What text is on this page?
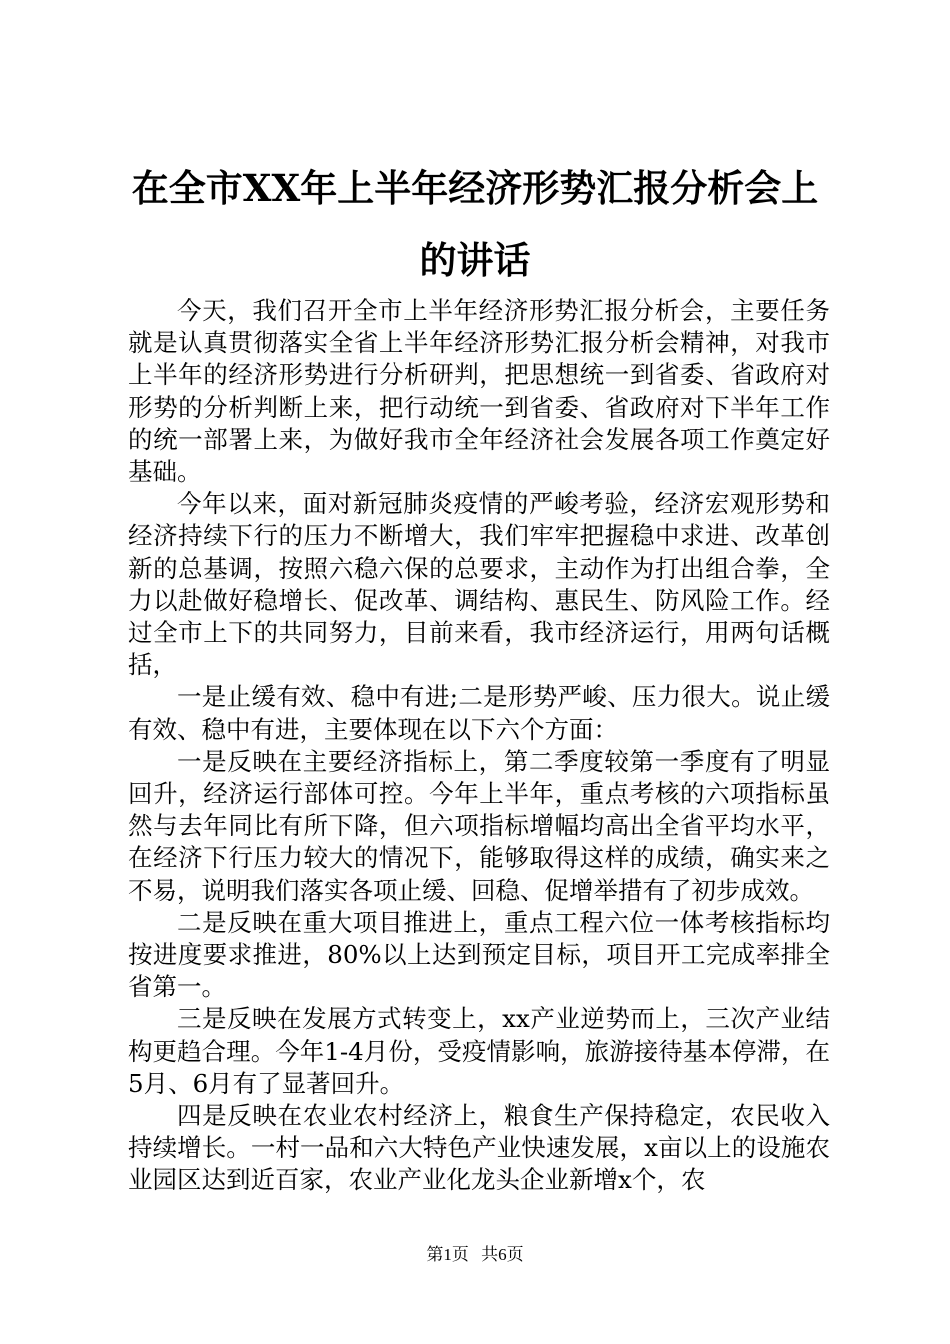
在全市XX年上半年经济形势汇报分析会上的讲话

今天，我们召开全市上半年经济形势汇报分析会，主要任务就是认真贯彻落实全省上半年经济形势汇报分析会精神，对我市上半年的经济形势进行分析研判，把思想统一到省委、省政府对形势的分析判断上来，把行动统一到省委、省政府对下半年工作的统一部署上来，为做好我市全年经济社会发展各项工作奠定好基础。

今年以来，面对新冠肺炎疫情的严峻考验，经济宏观形势和经济持续下行的压力不断增大，我们牢牢把握稳中求进、改革创新的总基调，按照六稳六保的总要求，主动作为打出组合拳，全力以赴做好稳增长、促改革、调结构、惠民生、防风险工作。经过全市上下的共同努力，目前来看，我市经济运行，用两句话概括，

一是止缓有效、稳中有进;二是形势严峻、压力很大。说止缓有效、稳中有进，主要体现在以下六个方面：

一是反映在主要经济指标上，第二季度较第一季度有了明显回升，经济运行部体可控。今年上半年，重点考核的六项指标虽然与去年同比有所下降，但六项指标增幅均高出全省平均水平，在经济下行压力较大的情况下，能够取得这样的成绩，确实来之不易，说明我们落实各项止缓、回稳、促增举措有了初步成效。

二是反映在重大项目推进上，重点工程六位一体考核指标均按进度要求推进，80%以上达到预定目标，项目开工完成率排全省第一。

三是反映在发展方式转变上，xx产业逆势而上，三次产业结构更趋合理。今年1-4月份，受疫情影响，旅游接待基本停滞，在5月、6月有了显著回升。

四是反映在农业农村经济上，粮食生产保持稳定，农民收入持续增长。一村一品和六大特色产业快速发展，x亩以上的设施农业园区达到近百家，农业产业化龙头企业新增x个，农

第1页 共6页
